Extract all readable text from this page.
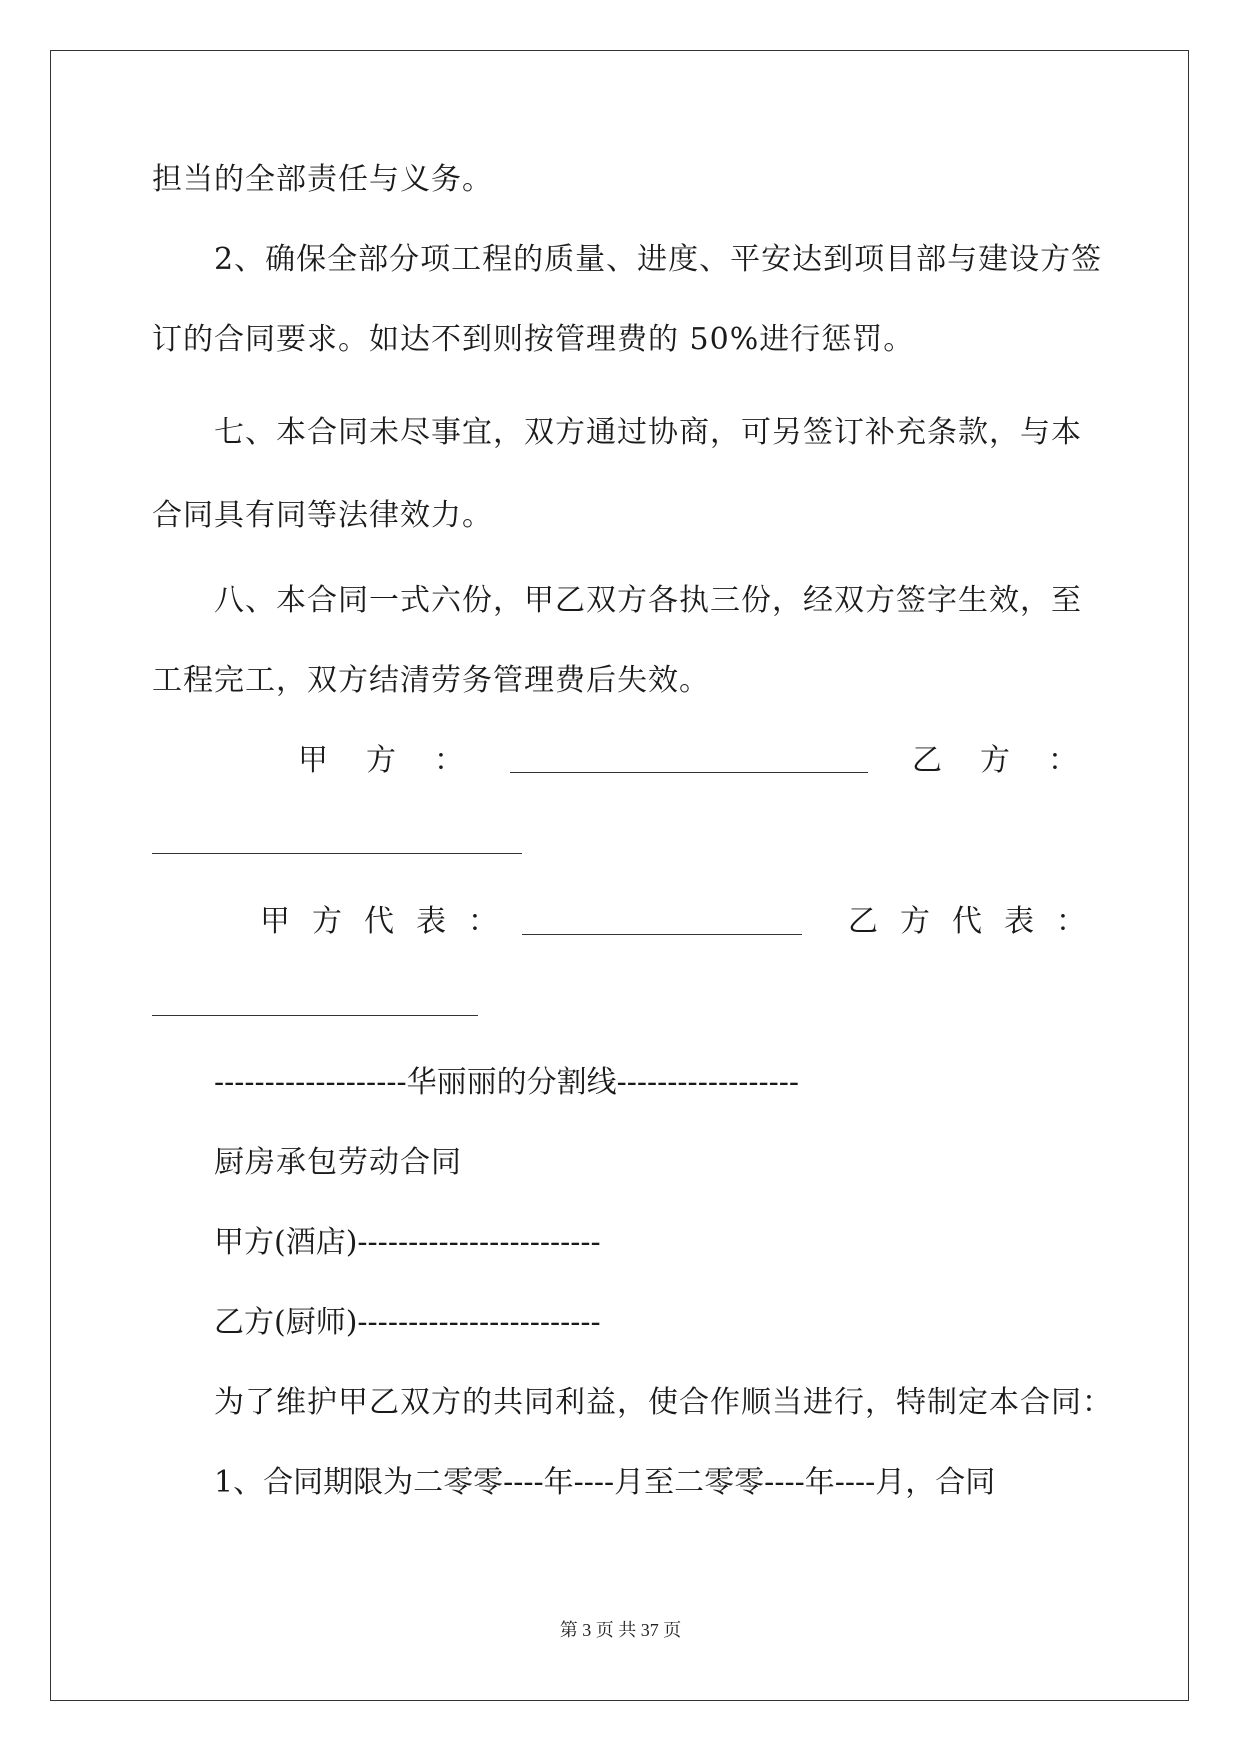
担当的全部责任与义务。
2、确保全部分项工程的质量、进度、平安达到项目部与建设方签
订的合同要求。如达不到则按管理费的 50%进行惩罚。
七、本合同未尽事宜，双方通过协商，可另签订补充条款，与本
合同具有同等法律效力。
八、本合同一式六份，甲乙双方各执三份，经双方签字生效，至
工程完工，双方结清劳务管理费后失效。
甲方：	乙方：
甲方代表：	乙方代表：
-------------------华丽丽的分割线------------------
厨房承包劳动合同
甲方(酒店)------------------------
乙方(厨师)------------------------
为了维护甲乙双方的共同利益，使合作顺当进行，特制定本合同：
1、合同期限为二零零----年----月至二零零----年----月，合同
第 3 页 共 37 页
